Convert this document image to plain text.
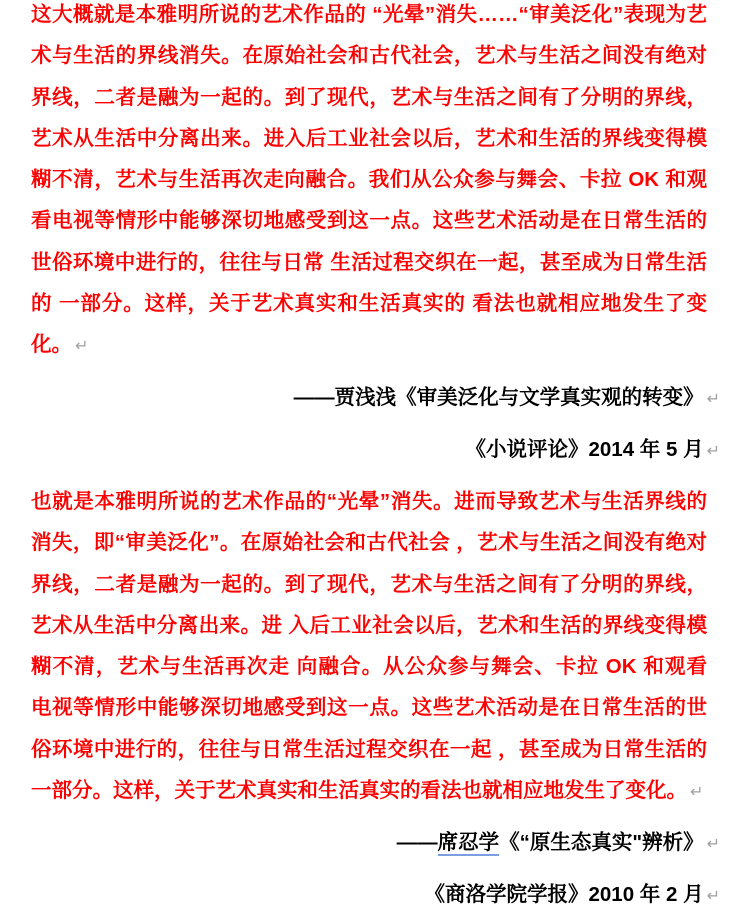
这大概就是本雅明所说的艺术作品的 “光晕”消失……“审美泛化”表现为艺
术与生活的界线消失。在原始社会和古代社会，艺术与生活之间没有绝对
界线，二者是融为一起的。到了现代，艺术与生活之间有了分明的界线，
艺术从生活中分离出来。进入后工业社会以后，艺术和生活的界线变得模
糊不清，艺术与生活再次走向融合。我们从公众参与舞会、卡拉 OK 和观
看电视等情形中能够深切地感受到这一点。这些艺术活动是在日常生活的
世俗环境中进行的，往往与日常 生活过程交织在一起，甚至成为日常生活
的 一部分。这样，关于艺术真实和生活真实的 看法也就相应地发生了变
化。 ↵
——贾浅浅《审美泛化与文学真实观的转变》 ↵
《小说评论》2014 年 5 月 ↵
也就是本雅明所说的艺术作品的“光晕”消失。进而导致艺术与生活界线的
消失，即“审美泛化”。在原始社会和古代社会 ，艺术与生活之间没有绝对
界线，二者是融为一起的。到了现代，艺术与生活之间有了分明的界线，
艺术从生活中分离出来。进 入后工业社会以后，艺术和生活的界线变得模
糊不清，艺术与生活再次走 向融合。从公众参与舞会、卡拉 OK 和观看
电视等情形中能够深切地感受到这一点。这些艺术活动是在日常生活的世
俗环境中进行的，往往与日常生活过程交织在一起 ，甚至成为日常生活的
一部分。这样，关于艺术真实和生活真实的看法也就相应地发生了变化。 ↵
——席忍学《“原生态真实"辨析》 ↵
《商洛学院学报》2010 年 2 月 ↵
